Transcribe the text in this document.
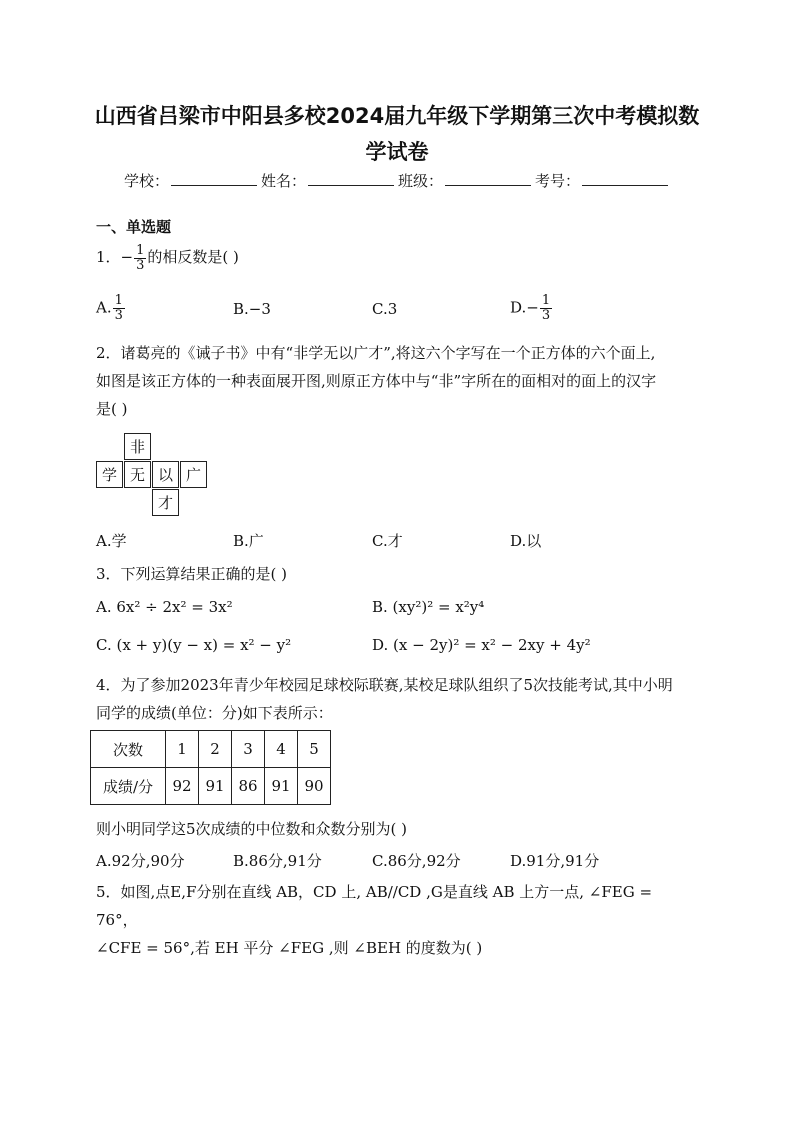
山西省吕梁市中阳县多校2024届九年级下学期第三次中考模拟数学试卷
学校：	姓名：	班级：	考号：
一、单选题
1．− $\frac{1}{3}$ 的相反数是( )
A. $\frac{1}{3}$	B.−3	C.3	$D.- \frac{1}{3}$
2．诸葛亮的《诫子书》中有“非学无以广才”,将这六个字写在一个正方体的六个面上,
如图是该正方体的一种表面展开图,则原正方体中与“非”字所在的面相对的面上的汉字
是( )
非
学 无 以 广
才
A.学	B.广	C.才	D.以
3．下列运算结果正确的是( )
A. 6x² ÷ 2x² = 3x²	B. (xy²)² = x²y⁴
C. (x + y)(y − x) = x² − y²	D. (x − 2y)² = x² − 2xy + 4y²
4．为了参加2023年青少年校园足球校际联赛,某校足球队组织了5次技能考试,其中小明
同学的成绩(单位：分)如下表所示：
次数	1	2	3	4	5
成绩/分	92	91	86	91	90
则小明同学这5次成绩的中位数和众数分别为( )
A.92分,90分	B.86分,91分	C.86分,92分	D.91分,91分
5．如图,点E,F分别在直线 AB，CD 上, AB//CD ,G是直线 AB 上方一点, ∠FEG = 76°，
∠CFE = 56°,若 EH 平分 ∠FEG ,则 ∠BEH 的度数为( )
